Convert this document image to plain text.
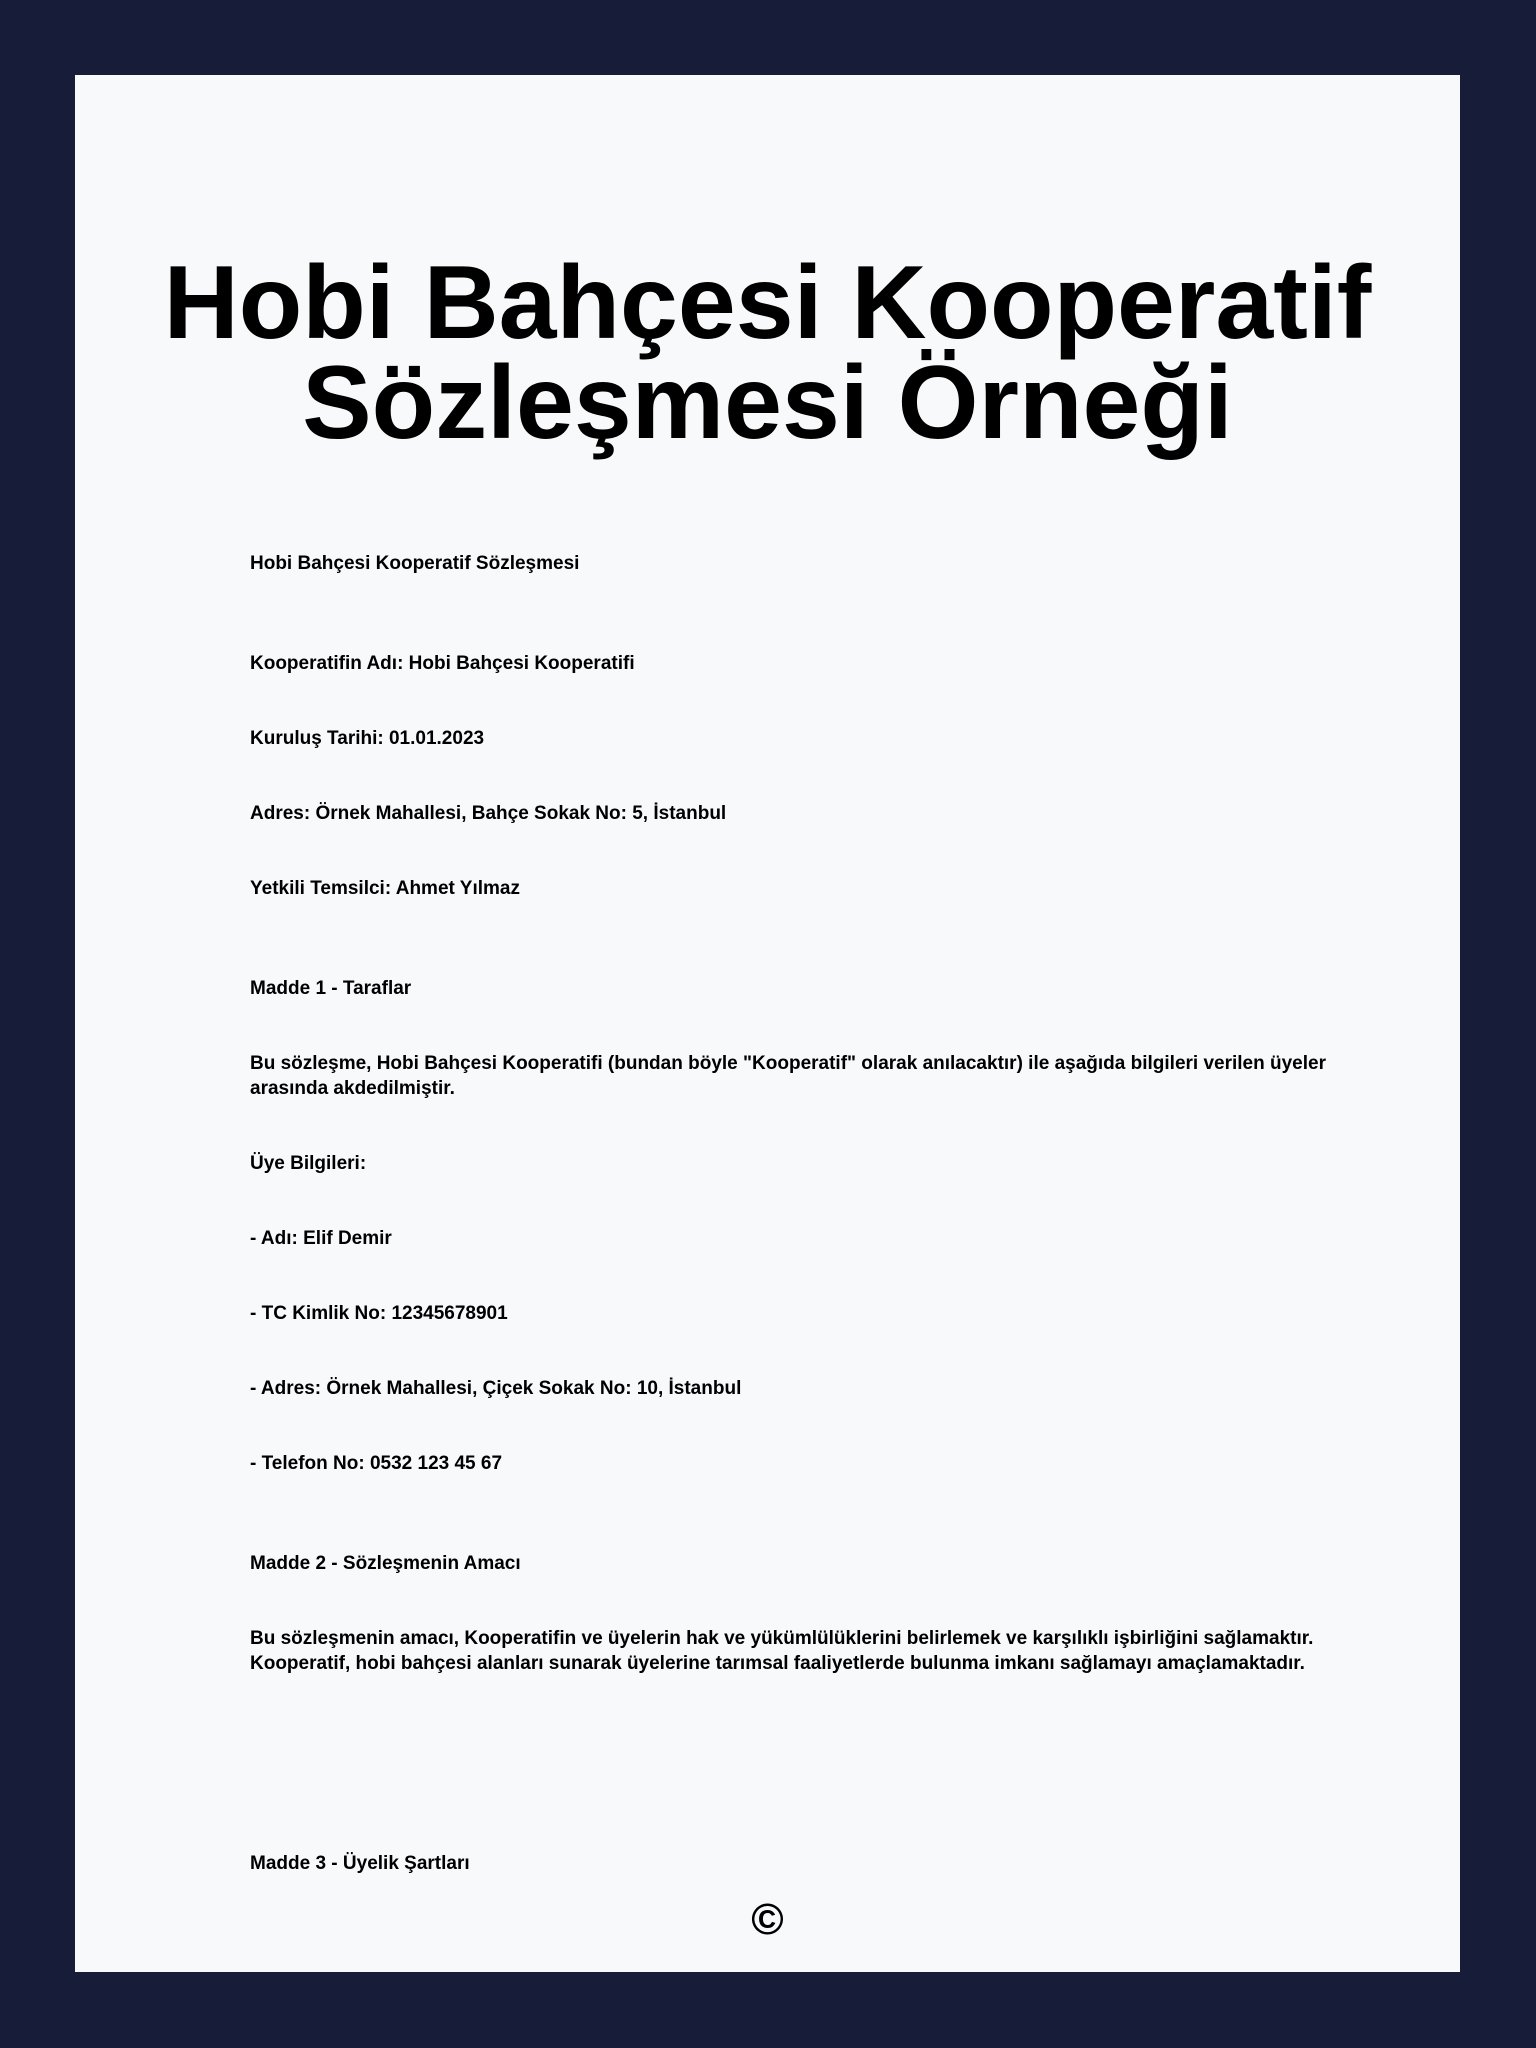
Hobi Bahçesi Kooperatif
Sözleşmesi Örneği

Hobi Bahçesi Kooperatif Sözleşmesi

Kooperatifin Adı: Hobi Bahçesi Kooperatifi

Kuruluş Tarihi: 01.01.2023

Adres: Örnek Mahallesi, Bahçe Sokak No: 5, İstanbul

Yetkili Temsilci: Ahmet Yılmaz

Madde 1 - Taraflar

Bu sözleşme, Hobi Bahçesi Kooperatifi (bundan böyle "Kooperatif" olarak anılacaktır) ile aşağıda bilgileri verilen üyeler arasında akdedilmiştir.

Üye Bilgileri:

- Adı: Elif Demir

- TC Kimlik No: 12345678901

- Adres: Örnek Mahallesi, Çiçek Sokak No: 10, İstanbul

- Telefon No: 0532 123 45 67

Madde 2 - Sözleşmenin Amacı

Bu sözleşmenin amacı, Kooperatifin ve üyelerin hak ve yükümlülüklerini belirlemek ve karşılıklı işbirliğini sağlamaktır. Kooperatif, hobi bahçesi alanları sunarak üyelerine tarımsal faaliyetlerde bulunma imkanı sağlamayı amaçlamaktadır.

Madde 3 - Üyelik Şartları

©
